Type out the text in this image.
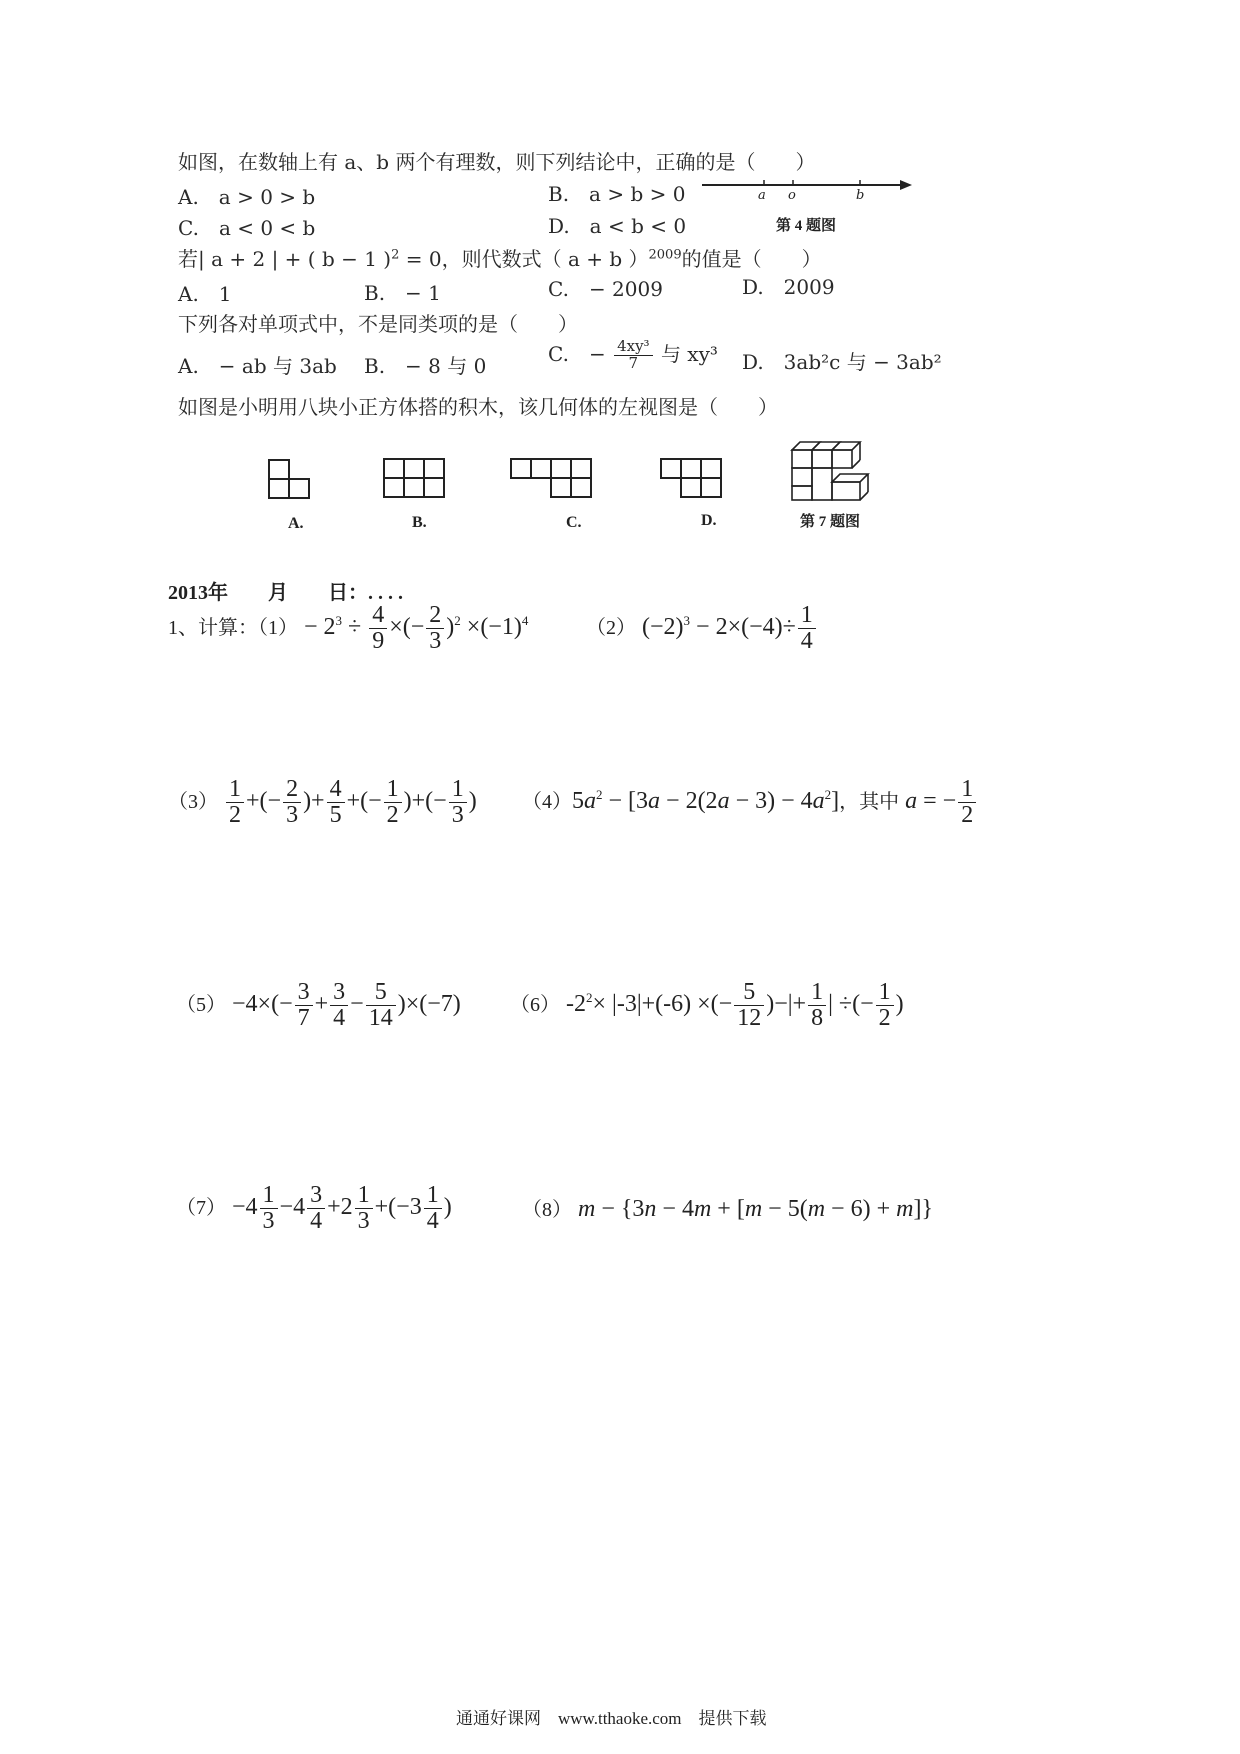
如图，在数轴上有 a、b 两个有理数，则下列结论中，正确的是（　　）
A.　a > 0 > b	B.　a > b > 0
C.　a < 0 < b	D.　a < b < 0
a o	b
第 4 题图
若| a + 2 | + ( b − 1 )$^2$ = 0，则代数式（ a + b ）$^{2009}$的值是（　　）
A.　1	B.　− 1	C.　− 2009	D.　2009
下列各对单项式中，不是同类项的是（　　）
A.　− ab 与 3ab B.　− 8 与 0	C.　− $\frac{\text{4xy³}}{7}$ 与 xy³ D.　3ab²c 与 − 3ab²
如图是小明用八块小正方体搭的积木，该几何体的左视图是（　　）
A.	B.	C.	D.	第 7 题图
2013年　　月　　日：. . . .
1、计算：$(1) - 2^3 \div \frac{4}{9}$ ×(− $\frac{2}{3} )^2 \times(-1)^4$	（2） $(-2)^3 - 2\times(-4)\div \frac{1}{4}$
$(3) \frac{1}{2}$ +(− $\frac{2}{3}$ )+ $\frac{4}{5}$ +(− $\frac{1}{2}$ )+(− $\frac{1}{3}$ ) $(4)5a^2 - [3a - 2(2a - 3) - 4a^2]$，其中 a = − $\frac{1}{2}$
$(5) -4\times(- \frac{3}{7} + \frac{3}{4} - \frac{5}{14} )\times(-7)$ （6） $-2^2\times |-3|+(-6)$ ×(− $\frac{5}{12}$ )−|+ $\frac{1}{8}$ | ÷(− $\frac{1}{2}$ )
$(7) -4 \frac{1}{3} -4 \frac{3}{4} +2 \frac{1}{3} +(-3 \frac{1}{4}$ )	（8） m − {3n − 4m + [m − 5(m − 6) + m]}
通通好课网　www.tthaoke.com　提供下载
